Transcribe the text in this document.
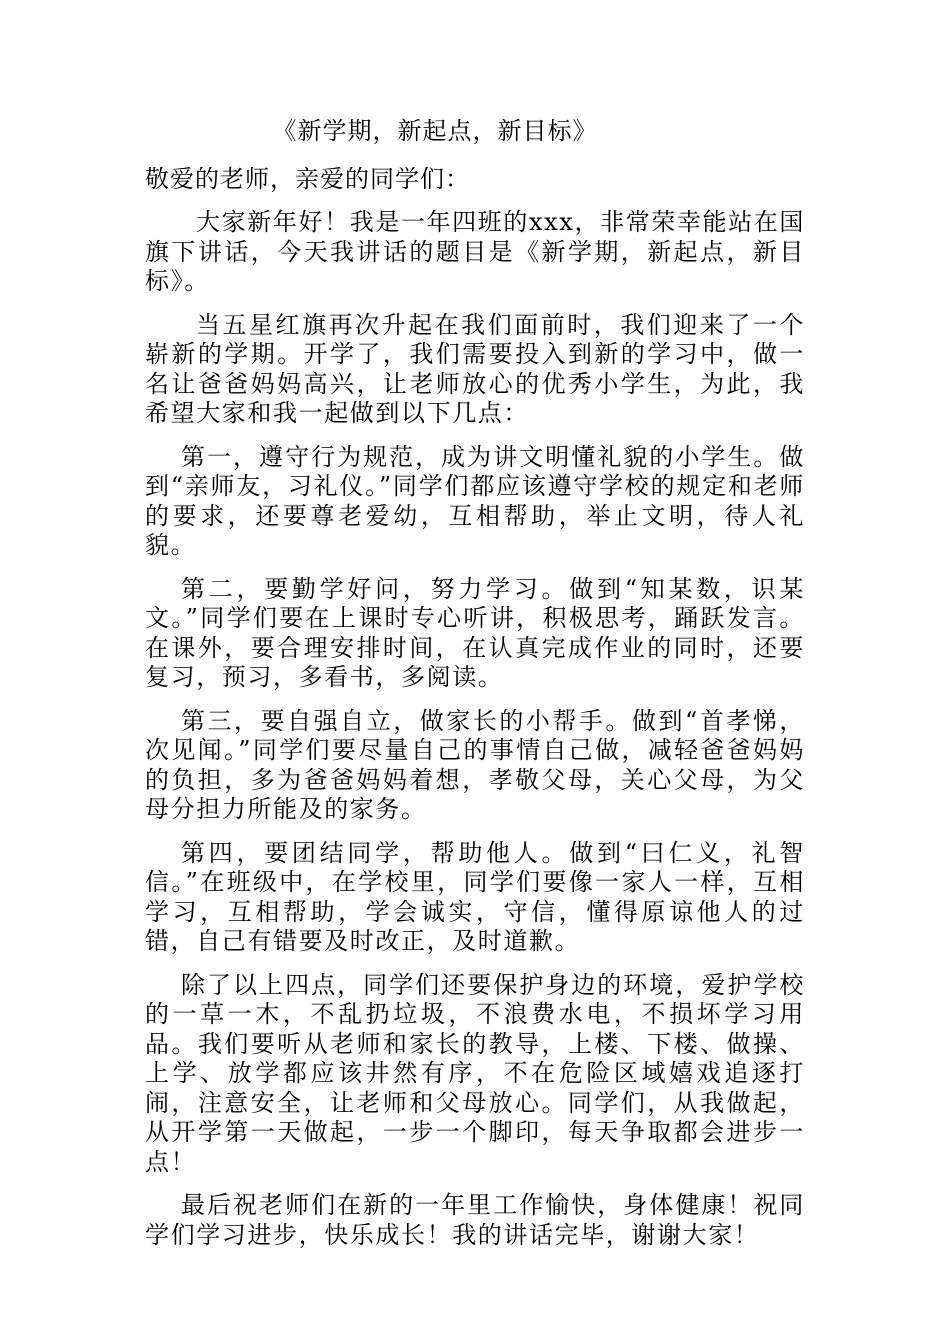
《新学期，新起点，新目标》
敬爱的老师，亲爱的同学们：

大家新年好！我是一年四班的xxx，非常荣幸能站在国旗下讲话，今天我讲话的题目是《新学期，新起点，新目标》。

当五星红旗再次升起在我们面前时，我们迎来了一个崭新的学期。开学了，我们需要投入到新的学习中，做一名让爸爸妈妈高兴，让老师放心的优秀小学生，为此，我希望大家和我一起做到以下几点：

第一，遵守行为规范，成为讲文明懂礼貌的小学生。做到“亲师友，习礼仪。”同学们都应该遵守学校的规定和老师的要求，还要尊老爱幼，互相帮助，举止文明，待人礼貌。

第二，要勤学好问，努力学习。做到“知某数，识某文。”同学们要在上课时专心听讲，积极思考，踊跃发言。在课外，要合理安排时间，在认真完成作业的同时，还要复习，预习，多看书，多阅读。

第三，要自强自立，做家长的小帮手。做到“首孝悌，次见闻。”同学们要尽量自己的事情自己做，减轻爸爸妈妈的负担，多为爸爸妈妈着想，孝敬父母，关心父母，为父母分担力所能及的家务。

第四，要团结同学，帮助他人。做到“曰仁义，礼智信。”在班级中，在学校里，同学们要像一家人一样，互相学习，互相帮助，学会诚实，守信，懂得原谅他人的过错，自己有错要及时改正，及时道歉。

除了以上四点，同学们还要保护身边的环境，爱护学校的一草一木，不乱扔垃圾，不浪费水电，不损坏学习用品。我们要听从老师和家长的教导，上楼、下楼、做操、上学、放学都应该井然有序，不在危险区域嬉戏追逐打闹，注意安全，让老师和父母放心。同学们，从我做起，从开学第一天做起，一步一个脚印，每天争取都会进步一点！

最后祝老师们在新的一年里工作愉快，身体健康！祝同学们学习进步，快乐成长！我的讲话完毕，谢谢大家！
